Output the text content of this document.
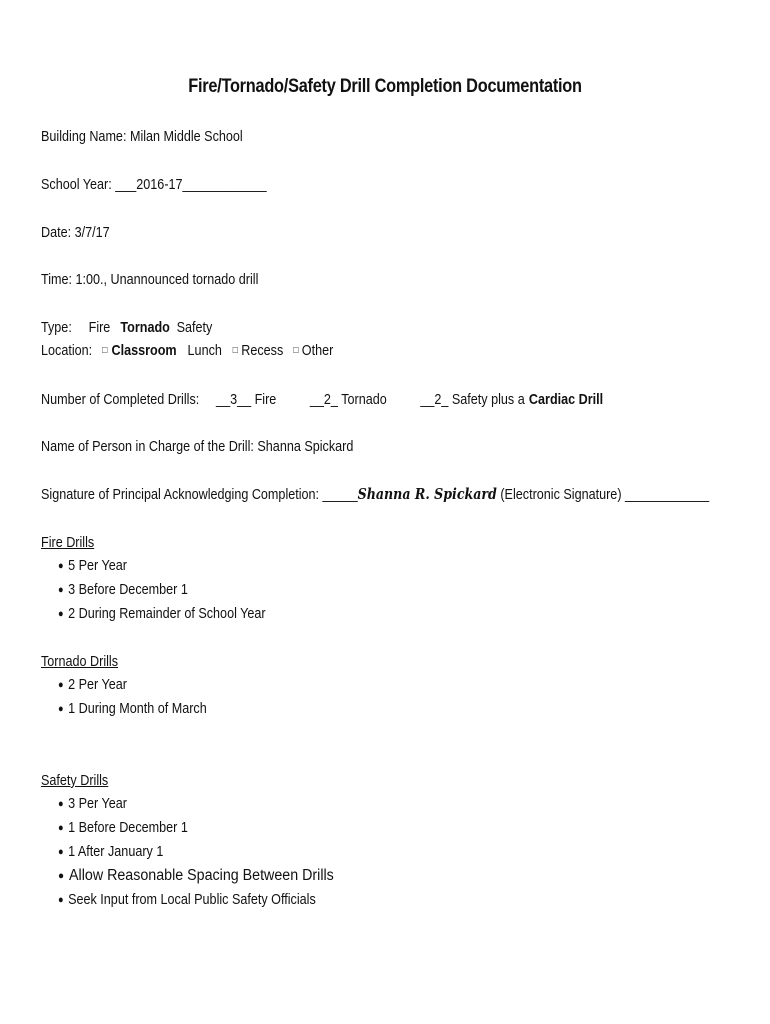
Fire/Tornado/Safety Drill Completion Documentation
Building Name: Milan Middle School
School Year: ___2016-17____________
Date: 3/7/17
Time: 1:00., Unannounced tornado drill
Type: Fire Tornado Safety
Location: □ Classroom Lunch □ Recess □ Other
Number of Completed Drills: __3__ Fire __2_ Tornado __2_ Safety plus a Cardiac Drill
Name of Person in Charge of the Drill: Shanna Spickard
Signature of Principal Acknowledging Completion: _____Shanna R. Spickard (Electronic Signature) ____________
Fire Drills
● 5 Per Year
● 3 Before December 1
● 2 During Remainder of School Year
Tornado Drills
● 2 Per Year
● 1 During Month of March
Safety Drills
● 3 Per Year
● 1 Before December 1
● 1 After January 1
● Allow Reasonable Spacing Between Drills
● Seek Input from Local Public Safety Officials
